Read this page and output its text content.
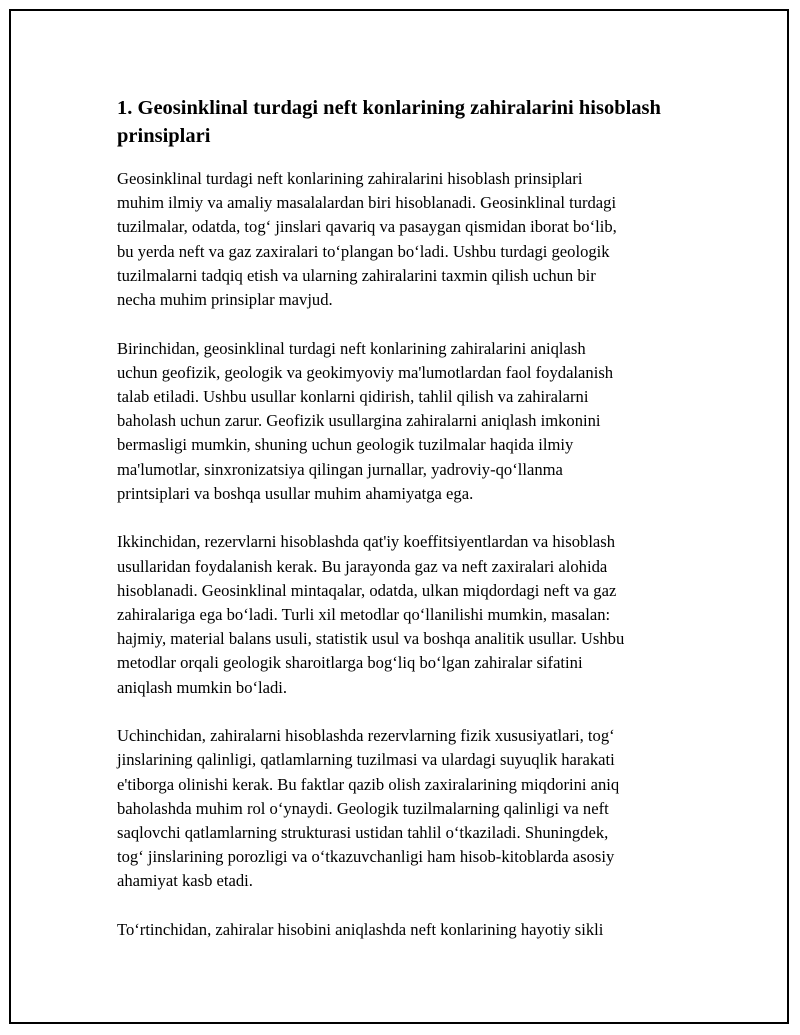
1. Geosinklinal turdagi neft konlarining zahiralarini hisoblash
prinsiplari

Geosinklinal turdagi neft konlarining zahiralarini hisoblash prinsiplari
muhim ilmiy va amaliy masalalardan biri hisoblanadi. Geosinklinal turdagi
tuzilmalar, odatda, tog‘ jinslari qavariq va pasaygan qismidan iborat bo‘lib,
bu yerda neft va gaz zaxiralari to‘plangan bo‘ladi. Ushbu turdagi geologik
tuzilmalarni tadqiq etish va ularning zahiralarini taxmin qilish uchun bir
necha muhim prinsiplar mavjud.

Birinchidan, geosinklinal turdagi neft konlarining zahiralarini aniqlash
uchun geofizik, geologik va geokimyoviy ma'lumotlardan faol foydalanish
talab etiladi. Ushbu usullar konlarni qidirish, tahlil qilish va zahiralarni
baholash uchun zarur. Geofizik usullargina zahiralarni aniqlash imkonini
bermasligi mumkin, shuning uchun geologik tuzilmalar haqida ilmiy
ma'lumotlar, sinxronizatsiya qilingan jurnallar, yadroviy-qo‘llanma
printsiplari va boshqa usullar muhim ahamiyatga ega.

Ikkinchidan, rezervlarni hisoblashda qat'iy koeffitsiyentlardan va hisoblash
usullaridan foydalanish kerak. Bu jarayonda gaz va neft zaxiralari alohida
hisoblanadi. Geosinklinal mintaqalar, odatda, ulkan miqdordagi neft va gaz
zahiralariga ega bo‘ladi. Turli xil metodlar qo‘llanilishi mumkin, masalan:
hajmiy, material balans usuli, statistik usul va boshqa analitik usullar. Ushbu
metodlar orqali geologik sharoitlarga bog‘liq bo‘lgan zahiralar sifatini
aniqlash mumkin bo‘ladi.

Uchinchidan, zahiralarni hisoblashda rezervlarning fizik xususiyatlari, tog‘
jinslarining qalinligi, qatlamlarning tuzilmasi va ulardagi suyuqlik harakati
e'tiborga olinishi kerak. Bu faktlar qazib olish zaxiralarining miqdorini aniq
baholashda muhim rol o‘ynaydi. Geologik tuzilmalarning qalinligi va neft
saqlovchi qatlamlarning strukturasi ustidan tahlil o‘tkaziladi. Shuningdek,
tog‘ jinslarining porozligi va o‘tkazuvchanligi ham hisob-kitoblarda asosiy
ahamiyat kasb etadi.

To‘rtinchidan, zahiralar hisobini aniqlashda neft konlarining hayotiy sikli
